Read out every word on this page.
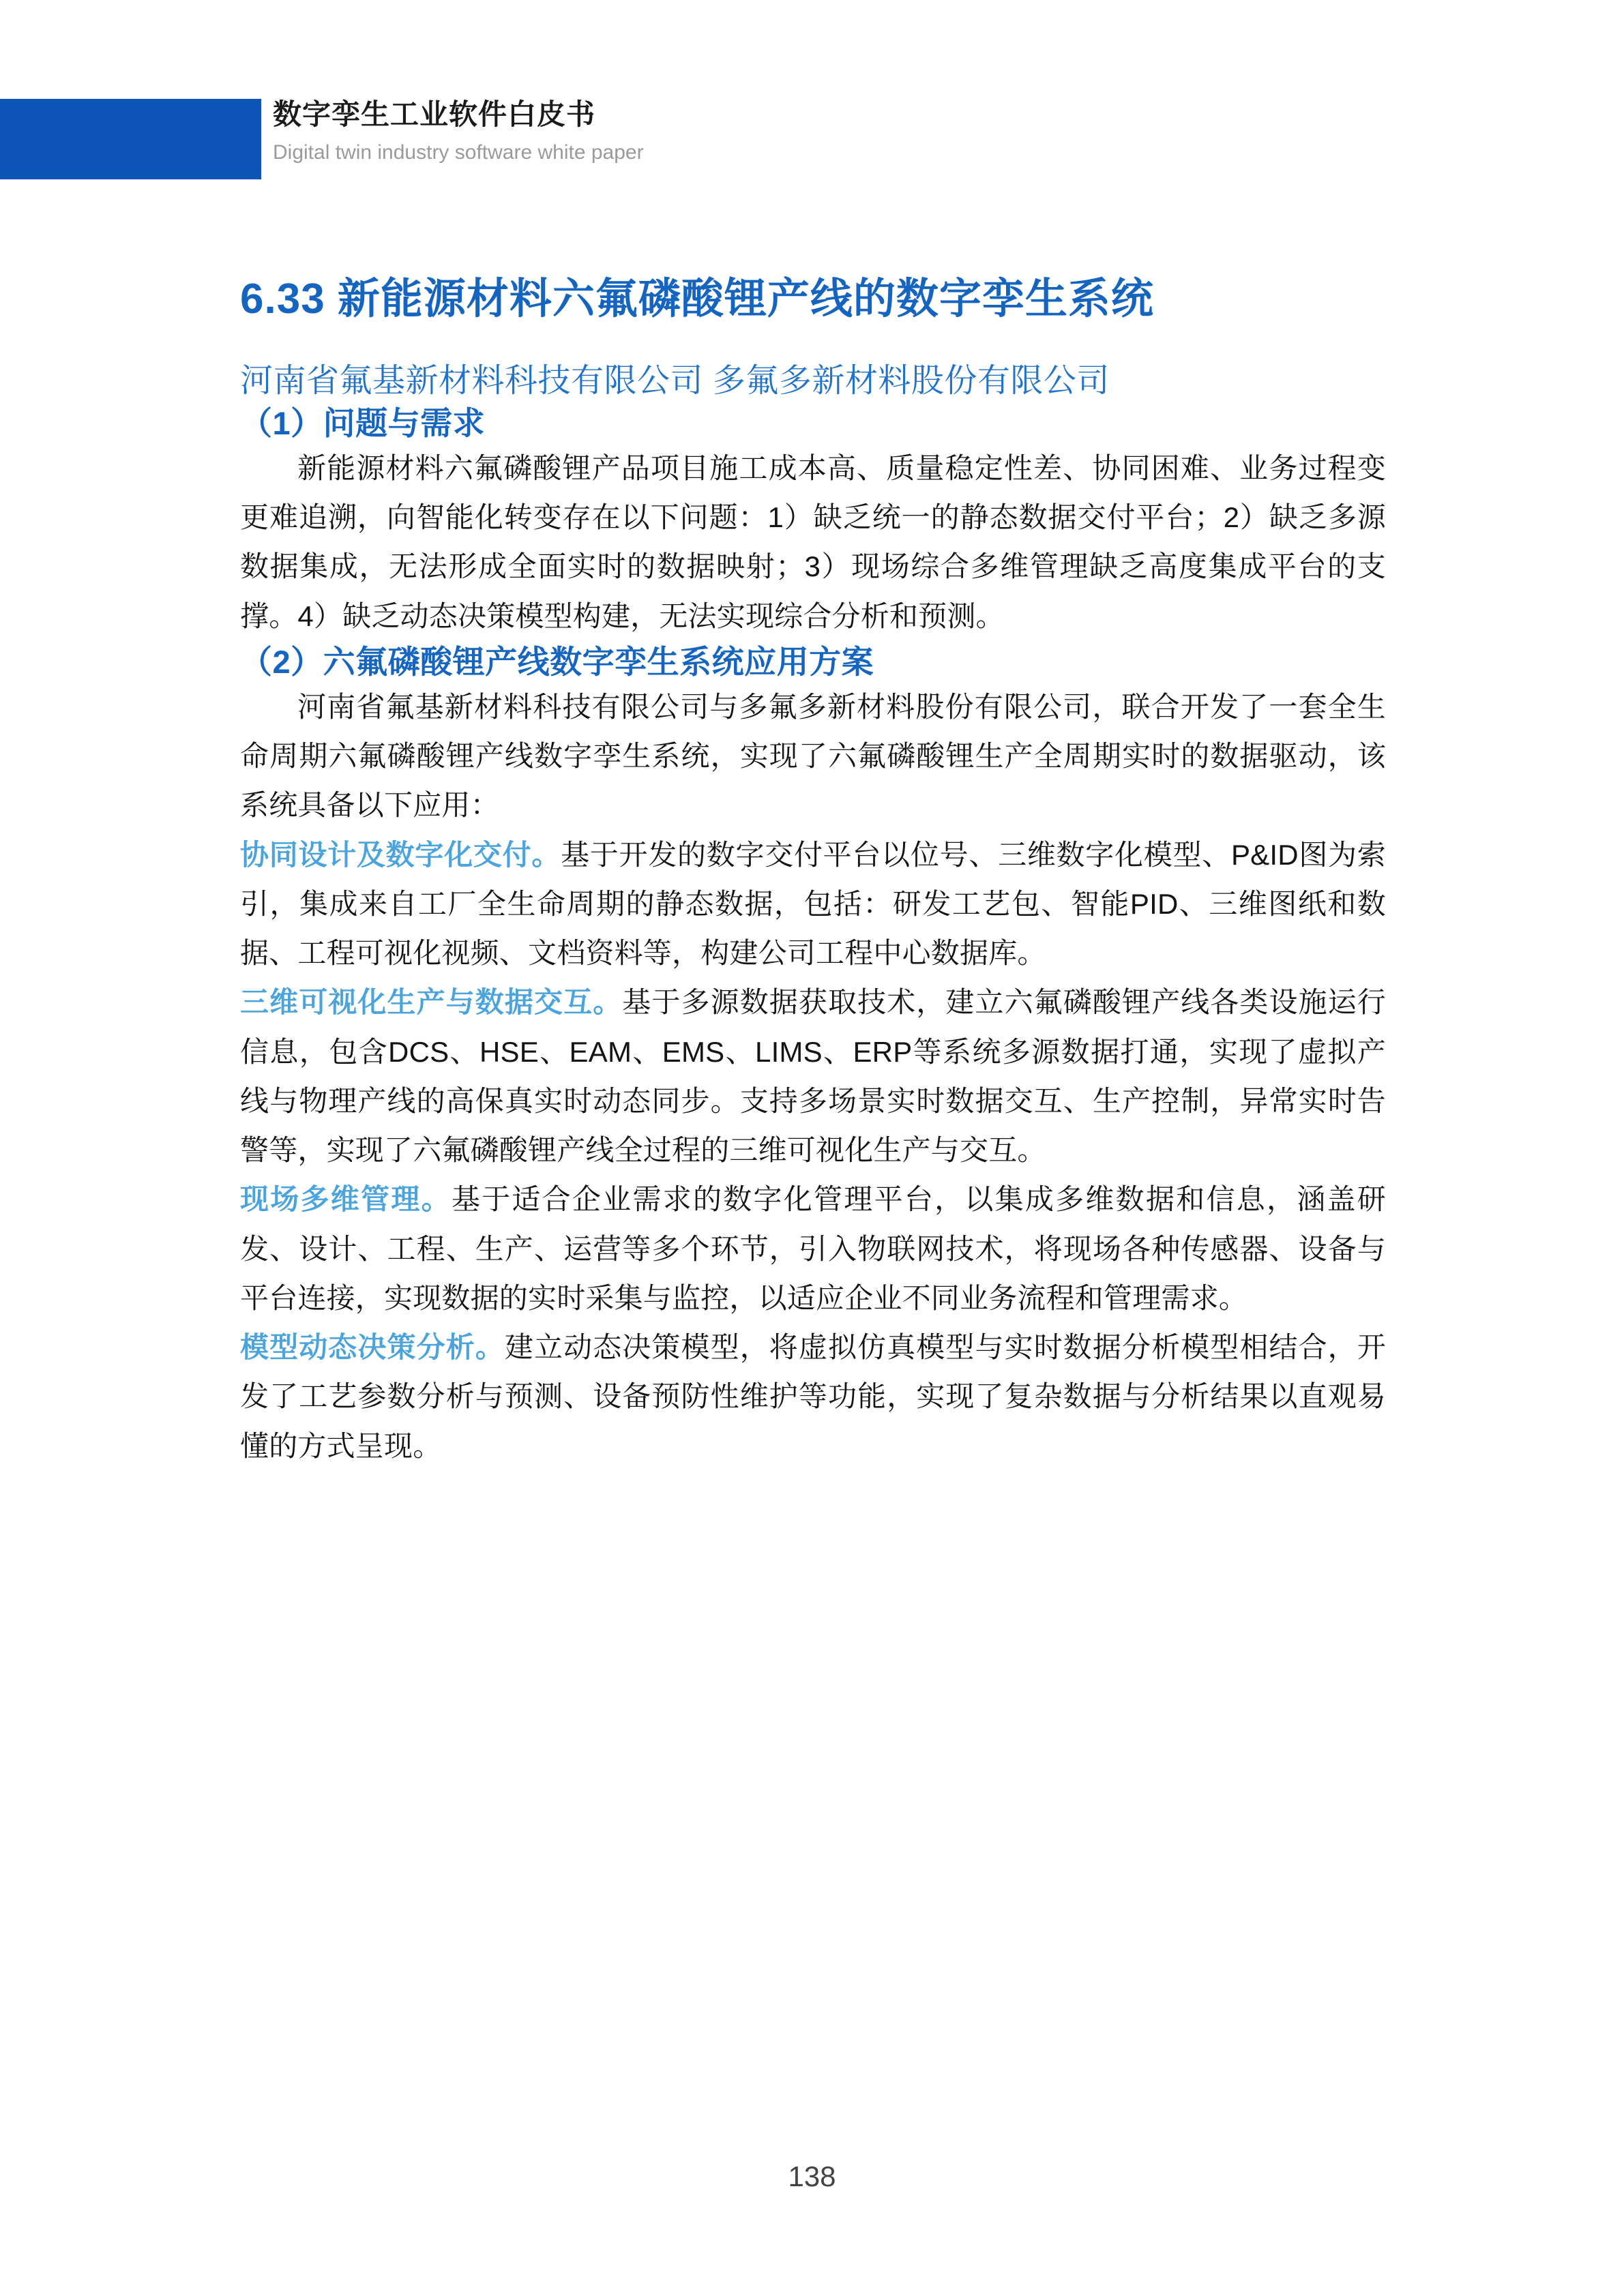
数字孪生工业软件白皮书
Digital twin industry software white paper
6.33 新能源材料六氟磷酸锂产线的数字孪生系统
河南省氟基新材料科技有限公司 多氟多新材料股份有限公司
（1）问题与需求

新能源材料六氟磷酸锂产品项目施工成本高、质量稳定性差、协同困难、业务过程变更难追溯，向智能化转变存在以下问题：1）缺乏统一的静态数据交付平台；2）缺乏多源数据集成，无法形成全面实时的数据映射；3）现场综合多维管理缺乏高度集成平台的支撑。4）缺乏动态决策模型构建，无法实现综合分析和预测。

（2）六氟磷酸锂产线数字孪生系统应用方案

河南省氟基新材料科技有限公司与多氟多新材料股份有限公司，联合开发了一套全生命周期六氟磷酸锂产线数字孪生系统，实现了六氟磷酸锂生产全周期实时的数据驱动，该系统具备以下应用：

协同设计及数字化交付。基于开发的数字交付平台以位号、三维数字化模型、P&ID图为索引，集成来自工厂全生命周期的静态数据，包括：研发工艺包、智能PID、三维图纸和数据、工程可视化视频、文档资料等，构建公司工程中心数据库。

三维可视化生产与数据交互。基于多源数据获取技术，建立六氟磷酸锂产线各类设施运行信息，包含DCS、HSE、EAM、EMS、LIMS、ERP等系统多源数据打通，实现了虚拟产线与物理产线的高保真实时动态同步。支持多场景实时数据交互、生产控制，异常实时告警等，实现了六氟磷酸锂产线全过程的三维可视化生产与交互。

现场多维管理。基于适合企业需求的数字化管理平台，以集成多维数据和信息，涵盖研发、设计、工程、生产、运营等多个环节，引入物联网技术，将现场各种传感器、设备与平台连接，实现数据的实时采集与监控，以适应企业不同业务流程和管理需求。

模型动态决策分析。建立动态决策模型，将虚拟仿真模型与实时数据分析模型相结合，开发了工艺参数分析与预测、设备预防性维护等功能，实现了复杂数据与分析结果以直观易懂的方式呈现。

138
